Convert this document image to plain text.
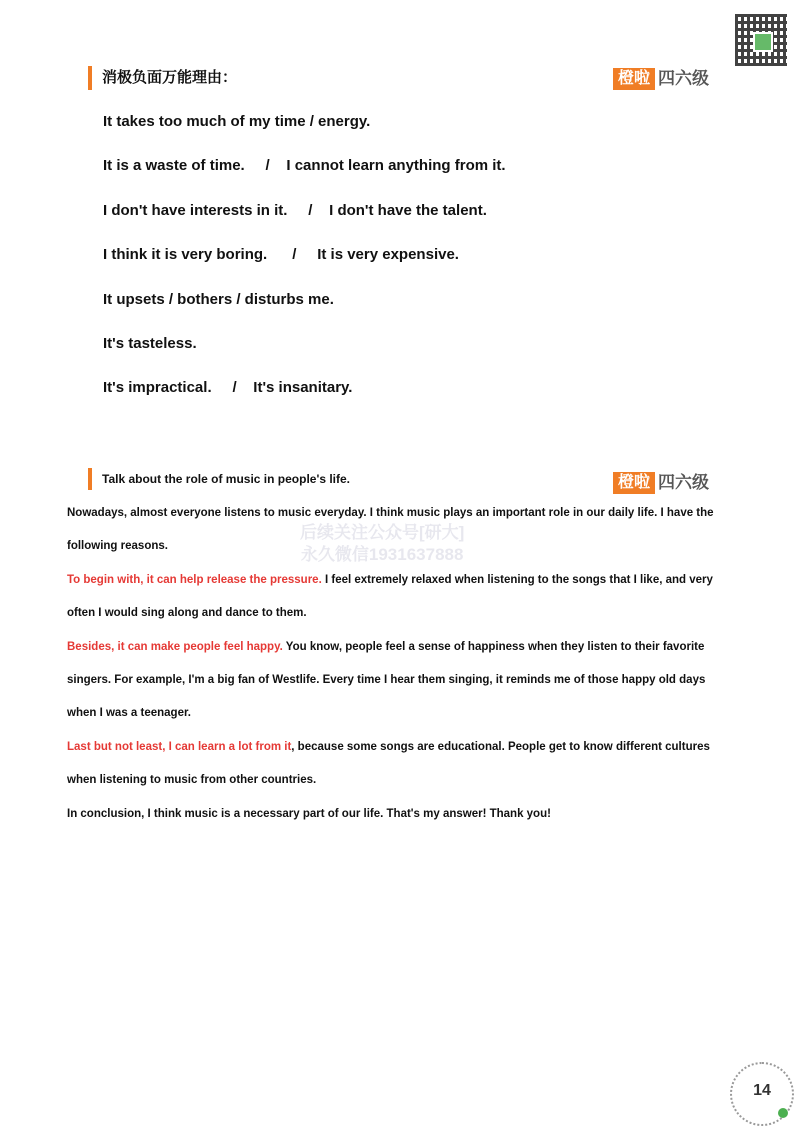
消极负面万能理由：	橙啦 四六级
It takes too much of my time / energy.
It is a waste of time.     /    I cannot learn anything from it.
I don't have interests in it.     /    I don't have the talent.
I think it is very boring.      /     It is very expensive.
It upsets / bothers / disturbs me.
It's tasteless.
It's impractical.     /    It's insanitary.
Talk about the role of music in people's life.	橙啦 四六级
后续关注公众号[研大]
永久微信1931637888
Nowadays, almost everyone listens to music everyday. I think music plays an important role in our daily life. I have the following reasons.
To begin with, it can help release the pressure. I feel extremely relaxed when listening to the songs that I like, and very often I would sing along and dance to them.
Besides, it can make people feel happy. You know, people feel a sense of happiness when they listen to their favorite singers. For example, I'm a big fan of Westlife. Every time I hear them singing, it reminds me of those happy old days when I was a teenager.
Last but not least, I can learn a lot from it, because some songs are educational. People get to know different cultures when listening to music from other countries.
In conclusion, I think music is a necessary part of our life. That's my answer! Thank you!
14
